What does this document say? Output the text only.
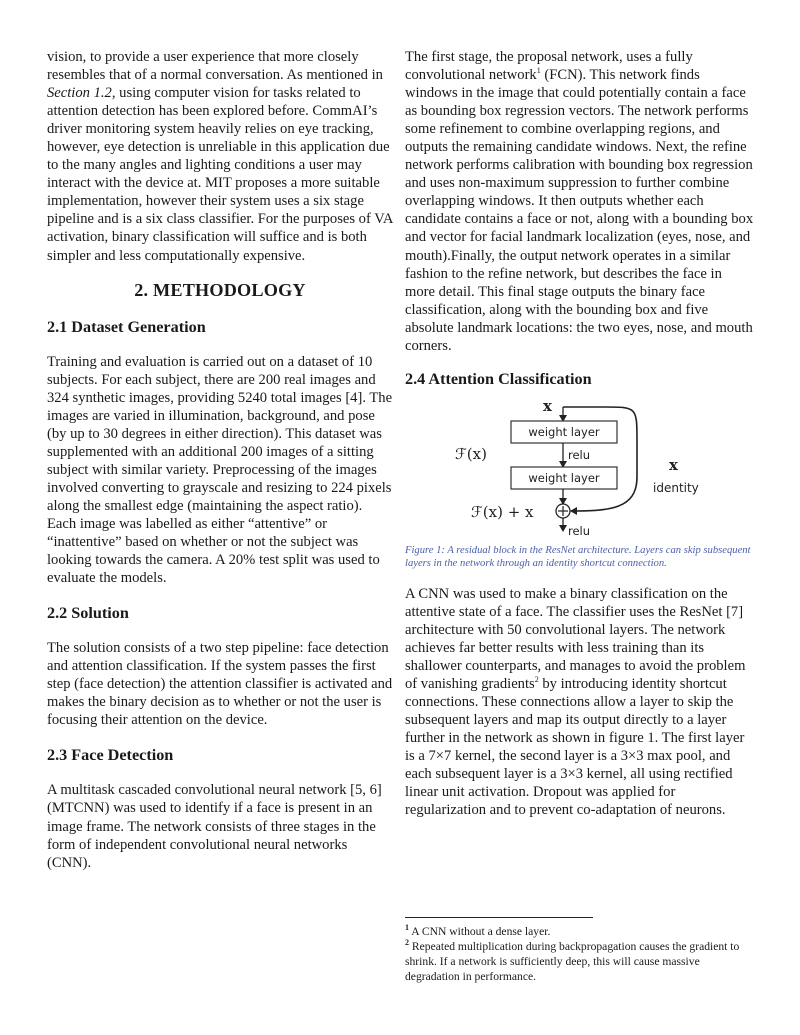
vision, to provide a user experience that more closely resembles that of a normal conversation. As mentioned in Section 1.2, using computer vision for tasks related to attention detection has been explored before. CommAI’s driver monitoring system heavily relies on eye tracking, however, eye detection is unreliable in this application due to the many angles and lighting conditions a user may interact with the device at. MIT proposes a more suitable implementation, however their system uses a six stage pipeline and is a six class classifier. For the purposes of VA activation, binary classification will suffice and is both simpler and less computationally expensive.

2. METHODOLOGY
2.1 Dataset Generation

Training and evaluation is carried out on a dataset of 10 subjects. For each subject, there are 200 real images and 324 synthetic images, providing 5240 total images [4]. The images are varied in illumination, background, and pose (by up to 30 degrees in either direction). This dataset was supplemented with an additional 200 images of a sitting subject with similar variety. Preprocessing of the images involved converting to grayscale and resizing to 224 pixels along the smallest edge (maintaining the aspect ratio). Each image was labelled as either “attentive” or “inattentive” based on whether or not the subject was looking towards the camera. A 20% test split was used to evaluate the models.

2.2 Solution

The solution consists of a two step pipeline: face detection and attention classification. If the system passes the first step (face detection) the attention classifier is activated and makes the binary decision as to whether or not the user is focusing their attention on the device.

2.3 Face Detection

A multitask cascaded convolutional neural network [5, 6] (MTCNN) was used to identify if a face is present in an image frame. The network consists of three stages in the form of independent convolutional neural networks (CNN).

The first stage, the proposal network, uses a fully convolutional network$^1$ (FCN). This network finds windows in the image that could potentially contain a face as bounding box regression vectors. The network performs some refinement to combine overlapping regions, and outputs the remaining candidate windows. Next, the refine network performs calibration with bounding box regression and uses non-maximum suppression to further combine overlapping windows. It then outputs whether each candidate contains a face or not, along with a bounding box and vector for facial landmark localization (eyes, nose, and mouth).Finally, the output network operates in a similar fashion to the refine network, but describes the face in more detail. This final stage outputs the binary face classification, along with the bounding box and five absolute landmark locations: the two eyes, nose, and mouth corners.

2.4 Attention Classification
x
weight layer
relu
weight layer
ℱ(x)
x
identity
ℱ(x) + x
relu

Figure 1: A residual block in the ResNet architecture. Layers can skip subsequent layers in the network through an identity shortcut connection.

A CNN was used to make a binary classification on the attentive state of a face. The classifier uses the ResNet [7] architecture with 50 convolutional layers. The network achieves far better results with less training than its shallower counterparts, and manages to avoid the problem of vanishing gradients$^2$ by introducing identity shortcut connections. These connections allow a layer to skip the subsequent layers and map its output directly to a layer further in the network as shown in figure 1. The first layer is a 7×7 kernel, the second layer is a 3×3 max pool, and each subsequent layer is a 3×3 kernel, all using rectified linear unit activation. Dropout was applied for regularization and to prevent co-adaptation of neurons.

$^1$ A CNN without a dense layer.

$^2$ Repeated multiplication during backpropagation causes the gradient to shrink. If a network is sufficiently deep, this will cause massive degradation in performance.
